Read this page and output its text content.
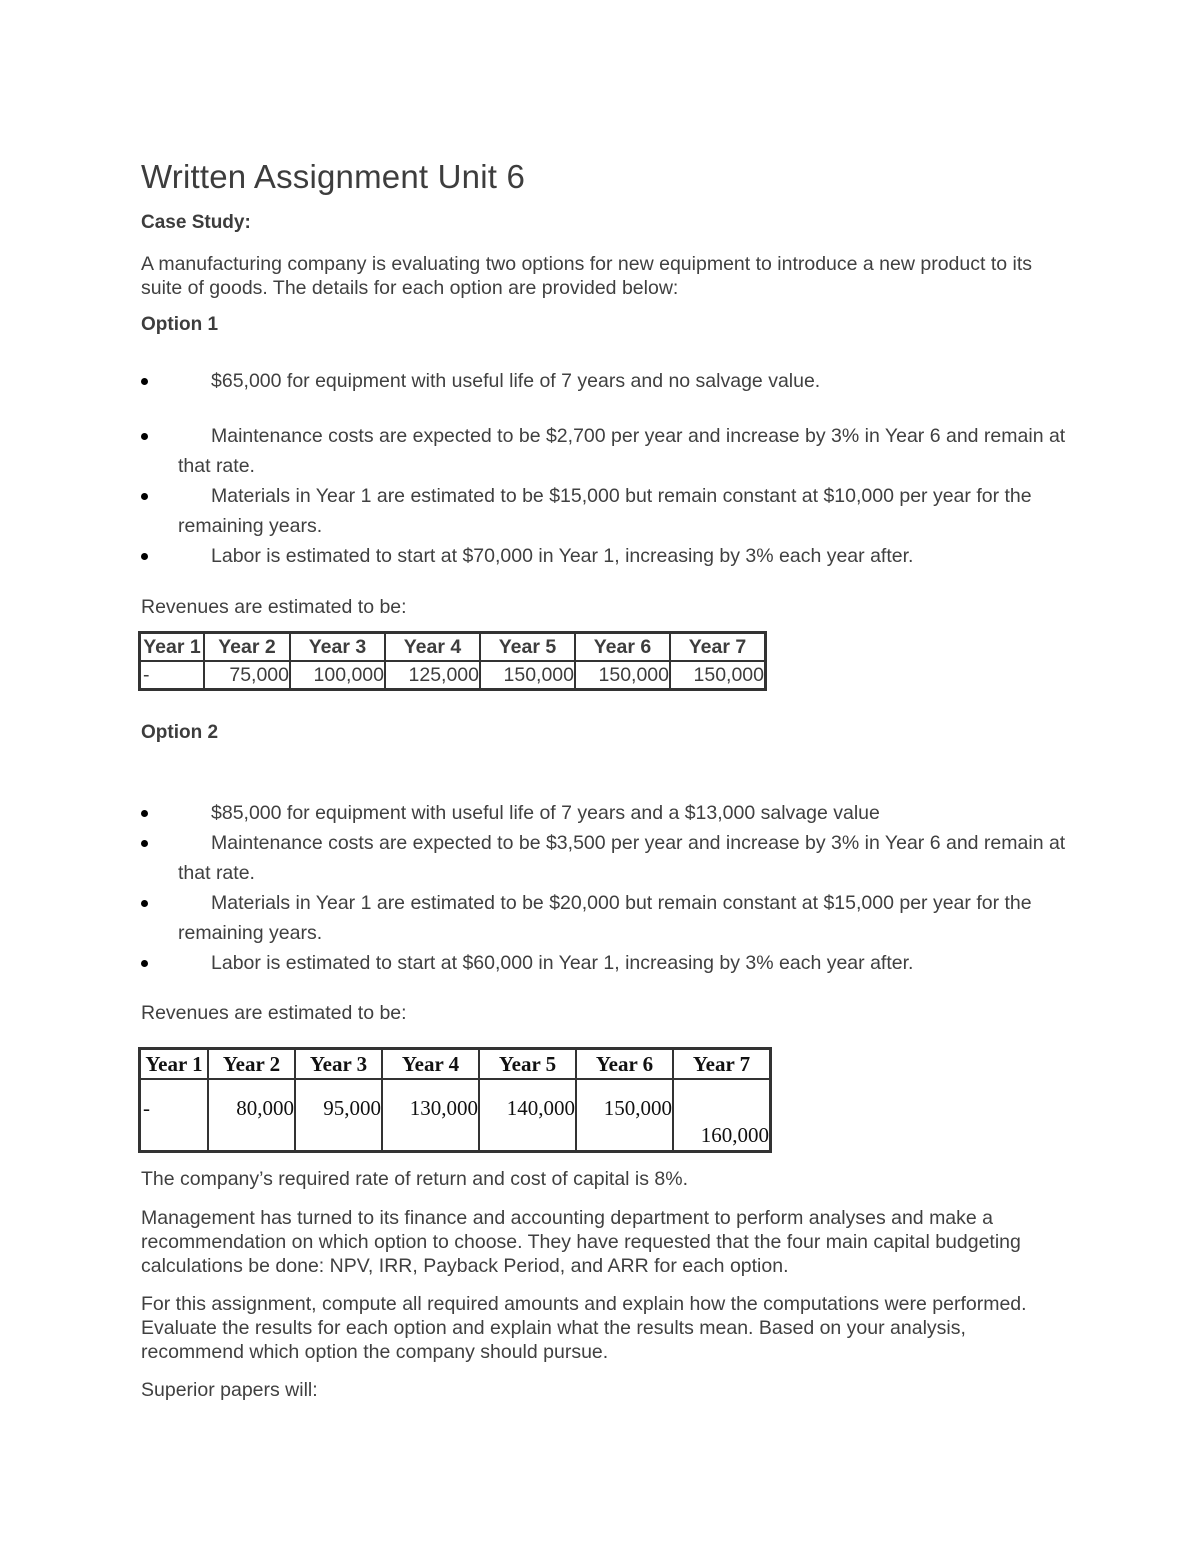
Written Assignment Unit 6

Case Study:

A manufacturing company is evaluating two options for new equipment to introduce a new product to its suite of goods. The details for each option are provided below:

Option 1

$65,000 for equipment with useful life of 7 years and no salvage value.
Maintenance costs are expected to be $2,700 per year and increase by 3% in Year 6 and remain at that rate.
Materials in Year 1 are estimated to be $15,000 but remain constant at $10,000 per year for the remaining years.
Labor is estimated to start at $70,000 in Year 1, increasing by 3% each year after.

Revenues are estimated to be:

Year 1	Year 2	Year 3	Year 4	Year 5	Year 6	Year 7
-	75,000	100,000	125,000	150,000	150,000	150,000

Option 2

$85,000 for equipment with useful life of 7 years and a $13,000 salvage value
Maintenance costs are expected to be $3,500 per year and increase by 3% in Year 6 and remain at that rate.
Materials in Year 1 are estimated to be $20,000 but remain constant at $15,000 per year for the remaining years.
Labor is estimated to start at $60,000 in Year 1, increasing by 3% each year after.

Revenues are estimated to be:

Year 1	Year 2	Year 3	Year 4	Year 5	Year 6	Year 7
-	80,000	95,000	130,000	140,000	150,000	160,000

The company’s required rate of return and cost of capital is 8%.

Management has turned to its finance and accounting department to perform analyses and make a recommendation on which option to choose. They have requested that the four main capital budgeting calculations be done: NPV, IRR, Payback Period, and ARR for each option.

For this assignment, compute all required amounts and explain how the computations were performed. Evaluate the results for each option and explain what the results mean. Based on your analysis, recommend which option the company should pursue.

Superior papers will:
